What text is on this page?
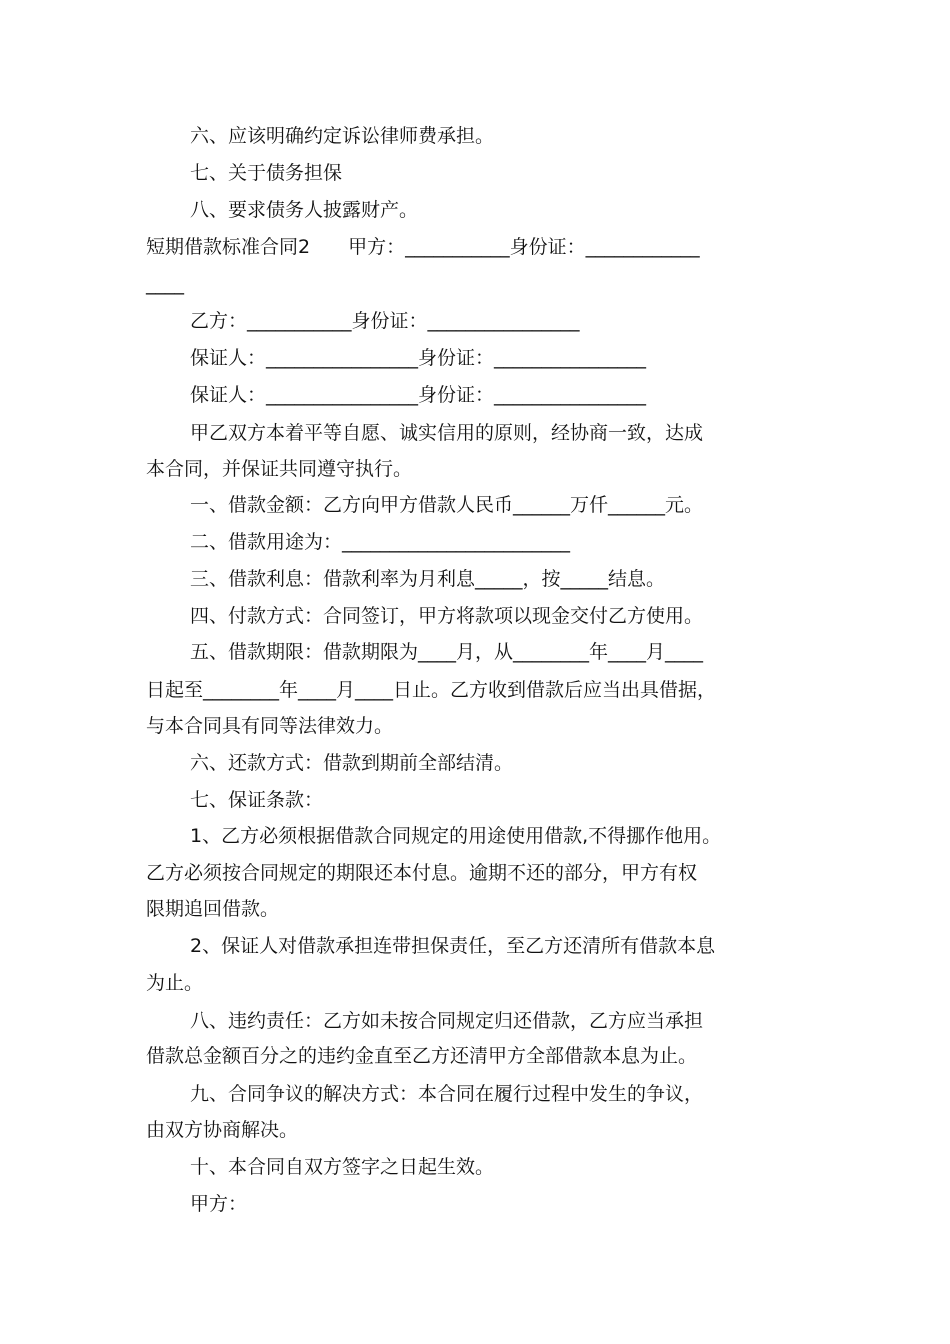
六、应该明确约定诉讼律师费承担。
七、关于债务担保
八、要求债务人披露财产。
短期借款标准合同2　　甲方：___________身份证：____________
____
乙方：___________身份证：________________
保证人：________________身份证：________________
保证人：________________身份证：________________
甲乙双方本着平等自愿、诚实信用的原则，经协商一致，达成
本合同，并保证共同遵守执行。
一、借款金额：乙方向甲方借款人民币______万仟______元。
二、借款用途为：________________________
三、借款利息：借款利率为月利息_____，按_____结息。
四、付款方式：合同签订，甲方将款项以现金交付乙方使用。
五、借款期限：借款期限为____月，从________年____月____
日起至________年____月____日止。乙方收到借款后应当出具借据，
与本合同具有同等法律效力。
六、还款方式：借款到期前全部结清。
七、保证条款：
1、乙方必须根据借款合同规定的用途使用借款,不得挪作他用。
乙方必须按合同规定的期限还本付息。逾期不还的部分，甲方有权
限期追回借款。
2、保证人对借款承担连带担保责任，至乙方还清所有借款本息
为止。
八、违约责任：乙方如未按合同规定归还借款，乙方应当承担
借款总金额百分之的违约金直至乙方还清甲方全部借款本息为止。
九、合同争议的解决方式：本合同在履行过程中发生的争议，
由双方协商解决。
十、本合同自双方签字之日起生效。
甲方：
